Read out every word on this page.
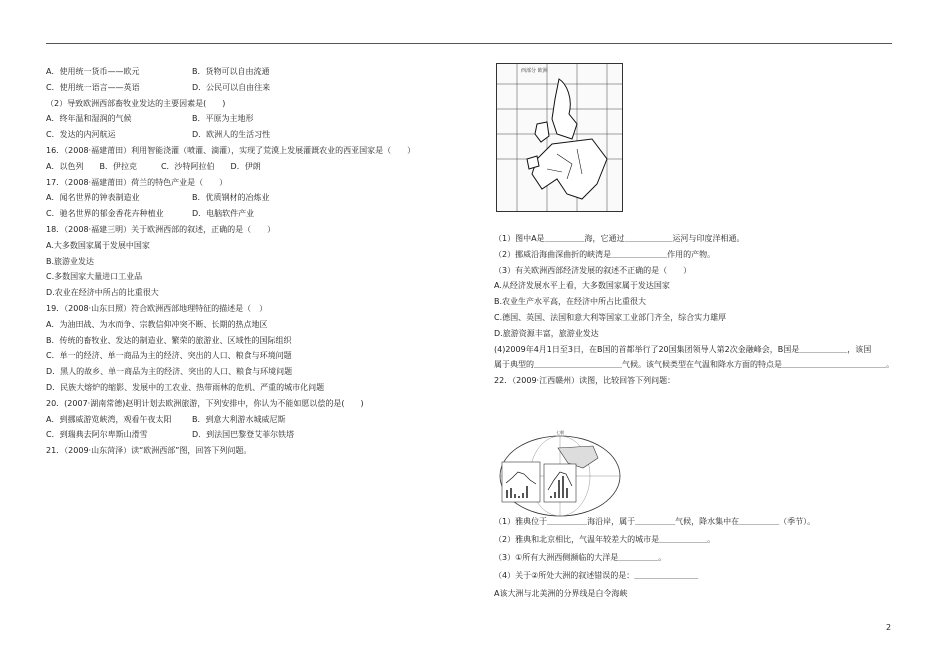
A．使用统一货币——欧元	B．货物可以自由流通
C．使用统一语言——英语	D．公民可以自由往来
（2）导致欧洲西部畜牧业发达的主要因素是(　　)
A．终年温和湿润的气候	B．平原为主地形
C．发达的内河航运	D．欧洲人的生活习性
16．（2008·福建莆田）利用智能浇灌（喷灌、滴灌），实现了荒漠上发展灌溉农业的西亚国家是（　　）
A．以色列　　B．伊拉克　　　C．沙特阿拉伯　　D．伊朗
17．（2008·福建莆田）荷兰的特色产业是（　　）
A．闻名世界的钟表制造业	B．优质钢材的冶炼业
C．驰名世界的郁金香花卉种植业	D．电脑软件产业
18．（2008·福建三明）关于欧洲西部的叙述，正确的是（　　）
A.大多数国家属于发展中国家
B.旅游业发达
C.多数国家大量进口工业品
D.农业在经济中所占的比重很大
19．（2008·山东日照）符合欧洲西部地理特征的描述是（　）
A．为油田战、为水而争、宗教信仰冲突不断、长期的热点地区
B．传统的畜牧业、发达的制造业、繁荣的旅游业、区域性的国际组织
C．单一的经济、单一商品为主的经济、突出的人口、粮食与环境问题
D．黑人的故乡、单一商品为主的经济、突出的人口、粮食与环境问题
D．民族大熔炉的缩影、发展中的工农业、热带雨林的危机、严重的城市化问题
20．(2007·湖南常德)赵明计划去欧洲旅游，下列安排中，你认为不能如愿以偿的是(　　)
A．到挪威游览峡湾，观看午夜太阳	B．到意大利游水城威尼斯
C．到瑞典去阿尔卑斯山滑雪	D．到法国巴黎登艾菲尔铁塔
21．（2009·山东菏泽）读“欧洲西部”图，回答下列问题。
西部分 欧洲
（1）图中A是＿＿＿＿＿海，它通过＿＿＿＿＿＿运河与印度洋相通。
（2）挪威沿海曲深曲折的峡湾是＿＿＿＿＿＿＿作用的产物。
（3）有关欧洲西部经济发展的叙述不正确的是（　　）
A.从经济发展水平上看，大多数国家属于发达国家
B.农业生产水平高，在经济中所占比重很大
C.德国、英国、法国和意大利等国家工业部门齐全，综合实力雄厚
D.旅游资源丰富，旅游业发达
(4)2009年4月1日至3日，在B国的首都举行了20国集团领导人第2次金融峰会，B国是＿＿＿＿＿＿，该国
属于典型的＿＿＿＿＿＿＿＿＿＿＿气候。该气候类型在气温和降水方面的特点是＿＿＿＿＿＿＿＿＿＿＿＿＿。
22．（2009·江西赣州）读图，比较回答下列问题：
（1）雅典位于＿＿＿＿＿海沿岸，属于＿＿＿＿＿气候，降水集中在＿＿＿＿＿（季节）。
（2）雅典和北京相比，气温年较差大的城市是＿＿＿＿＿＿。
（3）①所有大洲西侧濒临的大洋是＿＿＿＿＿。
（4）关于②所处大洲的叙述错误的是：＿＿＿＿＿＿＿＿
A该大洲与北美洲的分界线是白令海峡
七朝
2
